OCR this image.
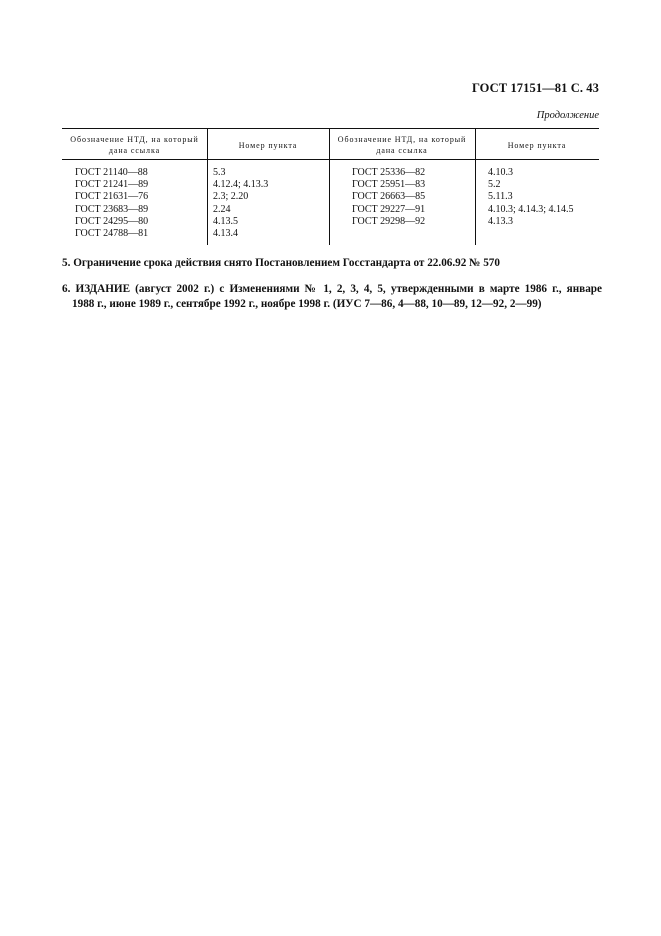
ГОСТ 17151—81 С. 43
Продолжение
Обозначение НТД, на который дана ссылка
Номер пункта
Обозначение НТД, на который дана ссылка
Номер пункта
ГОСТ 21140—88
ГОСТ 21241—89
ГОСТ 21631—76
ГОСТ 23683—89
ГОСТ 24295—80
ГОСТ 24788—81
5.3
4.12.4; 4.13.3
2.3; 2.20
2.24
4.13.5
4.13.4
ГОСТ 25336—82
ГОСТ 25951—83
ГОСТ 26663—85
ГОСТ 29227—91
ГОСТ 29298—92
4.10.3
5.2
5.11.3
4.10.3; 4.14.3; 4.14.5
4.13.3
5. Ограничение срока действия снято Постановлением Госстандарта от 22.06.92 № 570
6. ИЗДАНИЕ (август 2002 г.) с Изменениями № 1, 2, 3, 4, 5, утвержденными в марте 1986 г., январе
1988 г., июне 1989 г., сентябре 1992 г., ноябре 1998 г. (ИУС 7—86, 4—88, 10—89, 12—92, 2—99)
